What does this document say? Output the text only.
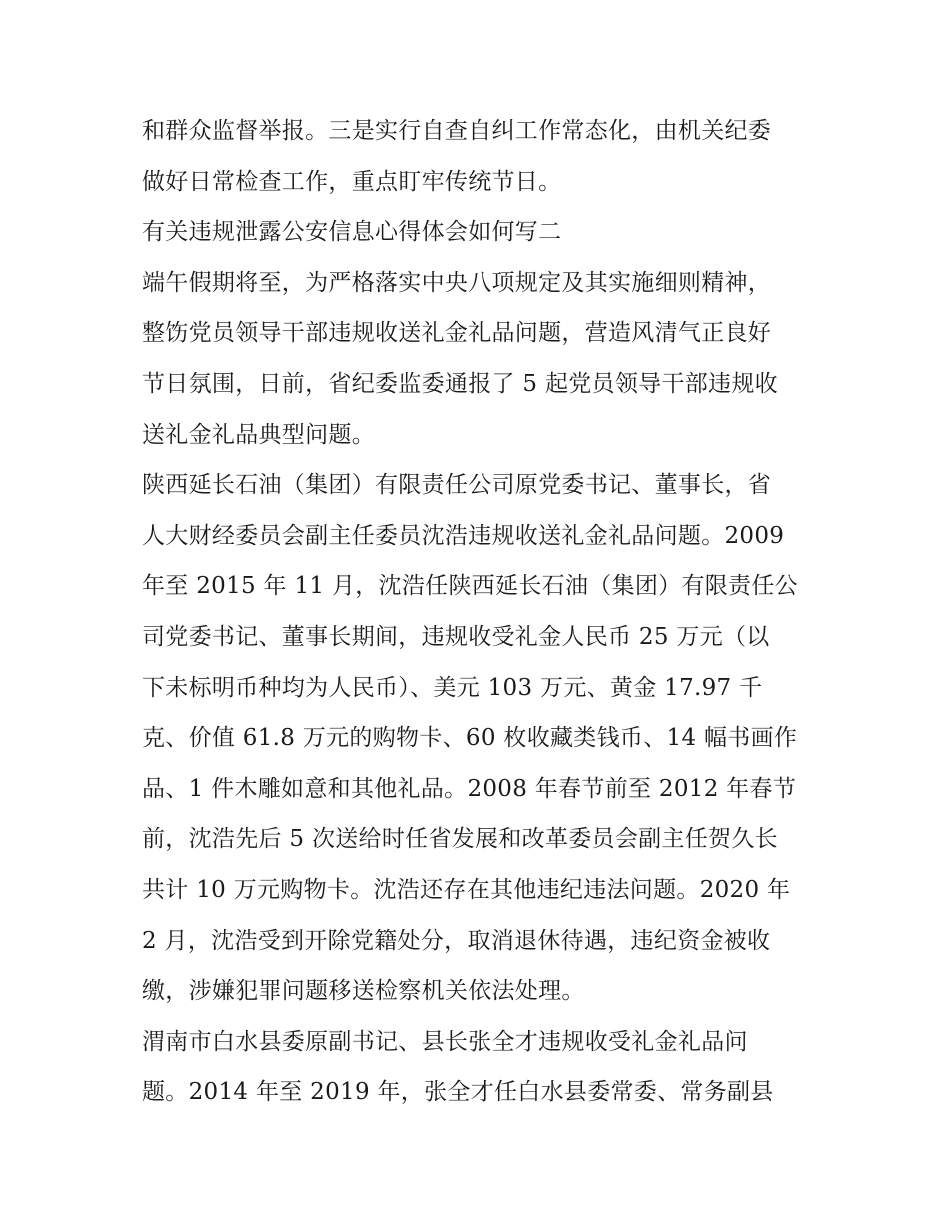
和群众监督举报。三是实行自查自纠工作常态化，由机关纪委
做好日常检查工作，重点盯牢传统节日。
有关违规泄露公安信息心得体会如何写二
端午假期将至，为严格落实中央八项规定及其实施细则精神，
整饬党员领导干部违规收送礼金礼品问题，营造风清气正良好
节日氛围，日前，省纪委监委通报了 5 起党员领导干部违规收
送礼金礼品典型问题。
陕西延长石油（集团）有限责任公司原党委书记、董事长，省
人大财经委员会副主任委员沈浩违规收送礼金礼品问题。2009
年至 2015 年 11 月，沈浩任陕西延长石油（集团）有限责任公
司党委书记、董事长期间，违规收受礼金人民币 25 万元（以
下未标明币种均为人民币）、美元 103 万元、黄金 17.97 千
克、价值 61.8 万元的购物卡、60 枚收藏类钱币、14 幅书画作
品、1 件木雕如意和其他礼品。2008 年春节前至 2012 年春节
前，沈浩先后 5 次送给时任省发展和改革委员会副主任贺久长
共计 10 万元购物卡。沈浩还存在其他违纪违法问题。2020 年
2 月，沈浩受到开除党籍处分，取消退休待遇，违纪资金被收
缴，涉嫌犯罪问题移送检察机关依法处理。
渭南市白水县委原副书记、县长张全才违规收受礼金礼品问
题。2014 年至 2019 年，张全才任白水县委常委、常务副县
